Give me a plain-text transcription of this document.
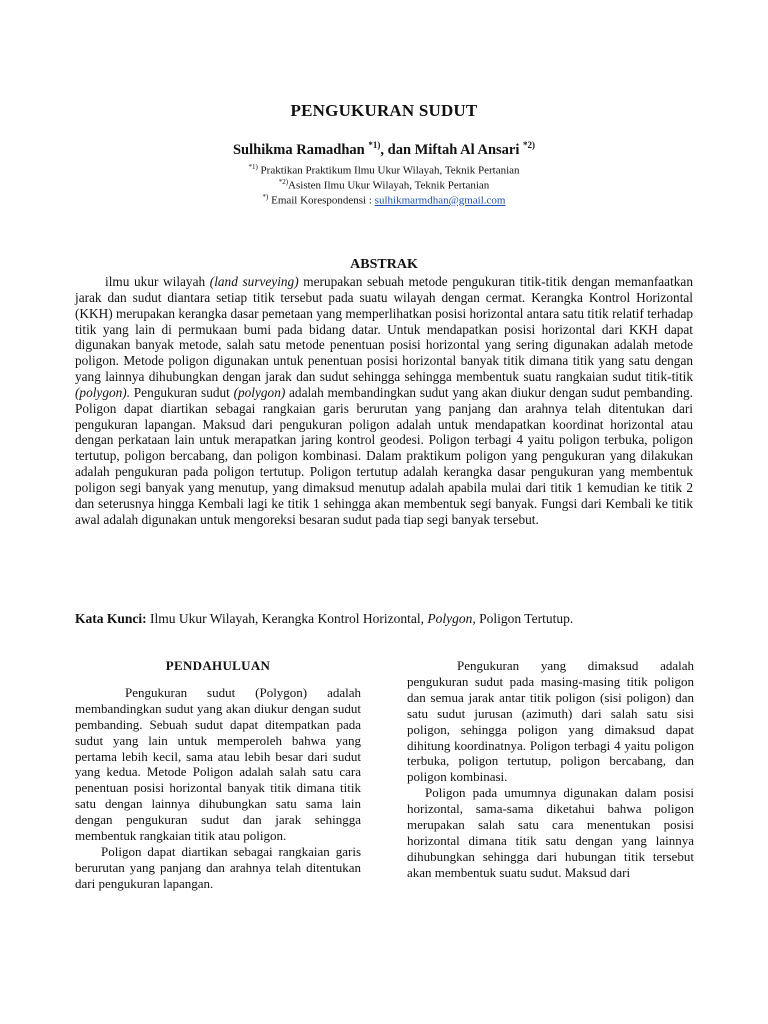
PENGUKURAN SUDUT
Sulhikma Ramadhan $^{*1)}$, dan Miftah Al Ansari $^{*2)}$
$^{*1)}$ Praktikan Praktikum Ilmu Ukur Wilayah, Teknik Pertanian
$^{*2)}$Asisten Ilmu Ukur Wilayah, Teknik Pertanian
*) Email Korespondensi : sulhikmarmdhan@gmail.com
ABSTRAK

ilmu ukur wilayah (land surveying) merupakan sebuah metode pengukuran titik-titik dengan memanfaatkan jarak dan sudut diantara setiap titik tersebut pada suatu wilayah dengan cermat. Kerangka Kontrol Horizontal (KKH) merupakan kerangka dasar pemetaan yang memperlihatkan posisi horizontal antara satu titik relatif terhadap titik yang lain di permukaan bumi pada bidang datar. Untuk mendapatkan posisi horizontal dari KKH dapat digunakan banyak metode, salah satu metode penentuan posisi horizontal yang sering digunakan adalah metode poligon. Metode poligon digunakan untuk penentuan posisi horizontal banyak titik dimana titik yang satu dengan yang lainnya dihubungkan dengan jarak dan sudut sehingga sehingga membentuk suatu rangkaian sudut titik-titik (polygon). Pengukuran sudut (polygon) adalah membandingkan sudut yang akan diukur dengan sudut pembanding. Poligon dapat diartikan sebagai rangkaian garis berurutan yang panjang dan arahnya telah ditentukan dari pengukuran lapangan. Maksud dari pengukuran poligon adalah untuk mendapatkan koordinat horizontal atau dengan perkataan lain untuk merapatkan jaring kontrol geodesi. Poligon terbagi 4 yaitu poligon terbuka, poligon tertutup, poligon bercabang, dan poligon kombinasi. Dalam praktikum poligon yang pengukuran yang dilakukan adalah pengukuran pada poligon tertutup. Poligon tertutup adalah kerangka dasar pengukuran yang membentuk poligon segi banyak yang menutup, yang dimaksud menutup adalah apabila mulai dari titik 1 kemudian ke titik 2 dan seterusnya hingga Kembali lagi ke titik 1 sehingga akan membentuk segi banyak. Fungsi dari Kembali ke titik awal adalah digunakan untuk mengoreksi besaran sudut pada tiap segi banyak tersebut.

Kata Kunci: Ilmu Ukur Wilayah, Kerangka Kontrol Horizontal, Polygon, Poligon Tertutup.
PENDAHULUAN

Pengukuran sudut (Polygon) adalah membandingkan sudut yang akan diukur dengan sudut pembanding. Sebuah sudut dapat ditempatkan pada sudut yang lain untuk memperoleh bahwa yang pertama lebih kecil, sama atau lebih besar dari sudut yang kedua. Metode Poligon adalah salah satu cara penentuan posisi horizontal banyak titik dimana titik satu dengan lainnya dihubungkan satu sama lain dengan pengukuran sudut dan jarak sehingga membentuk rangkaian titik atau poligon.

Poligon dapat diartikan sebagai rangkaian garis berurutan yang panjang dan arahnya telah ditentukan dari pengukuran lapangan.

Pengukuran yang dimaksud adalah pengukuran sudut pada masing-masing titik poligon dan semua jarak antar titik poligon (sisi poligon) dan satu sudut jurusan (azimuth) dari salah satu sisi poligon, sehingga poligon yang dimaksud dapat dihitung koordinatnya. Poligon terbagi 4 yaitu poligon terbuka, poligon tertutup, poligon bercabang, dan poligon kombinasi.

Poligon pada umumnya digunakan dalam posisi horizontal, sama-sama diketahui bahwa poligon merupakan salah satu cara menentukan posisi horizontal dimana titik satu dengan yang lainnya dihubungkan sehingga dari hubungan titik tersebut akan membentuk suatu sudut. Maksud dari
